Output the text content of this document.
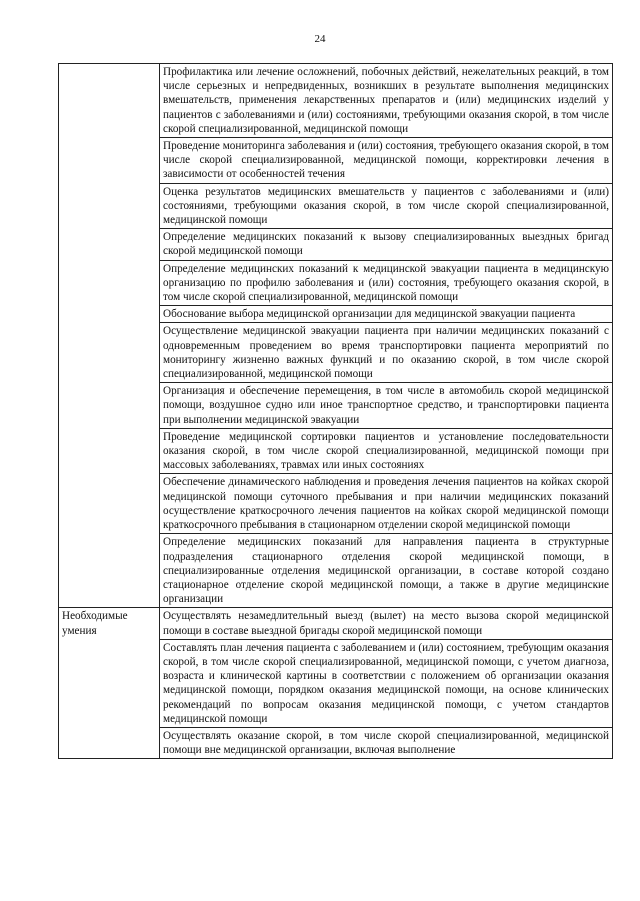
24
	Профилактика или лечение осложнений, побочных действий, нежелательных реакций, в том числе серьезных и непредвиденных, возникших в результате выполнения медицинских вмешательств, применения лекарственных препаратов и (или) медицинских изделий у пациентов с заболеваниями и (или) состояниями, требующими оказания скорой, в том числе скорой специализированной, медицинской помощи
	Проведение мониторинга заболевания и (или) состояния, требующего оказания скорой, в том числе скорой специализированной, медицинской помощи, корректировки лечения в зависимости от особенностей течения
	Оценка результатов медицинских вмешательств у пациентов с заболеваниями и (или) состояниями, требующими оказания скорой, в том числе скорой специализированной, медицинской помощи
	Определение медицинских показаний к вызову специализированных выездных бригад скорой медицинской помощи
	Определение медицинских показаний к медицинской эвакуации пациента в медицинскую организацию по профилю заболевания и (или) состояния, требующего оказания скорой, в том числе скорой специализированной, медицинской помощи
	Обоснование выбора медицинской организации для медицинской эвакуации пациента
	Осуществление медицинской эвакуации пациента при наличии медицинских показаний с одновременным проведением во время транспортировки пациента мероприятий по мониторингу жизненно важных функций и по оказанию скорой, в том числе скорой специализированной, медицинской помощи
	Организация и обеспечение перемещения, в том числе в автомобиль скорой медицинской помощи, воздушное судно или иное транспортное средство, и транспортировки пациента при выполнении медицинской эвакуации
	Проведение медицинской сортировки пациентов и установление последовательности оказания скорой, в том числе скорой специализированной, медицинской помощи при массовых заболеваниях, травмах или иных состояниях
	Обеспечение динамического наблюдения и проведения лечения пациентов на койках скорой медицинской помощи суточного пребывания и при наличии медицинских показаний осуществление краткосрочного лечения пациентов на койках скорой медицинской помощи краткосрочного пребывания в стационарном отделении скорой медицинской помощи
	Определение медицинских показаний для направления пациента в структурные подразделения стационарного отделения скорой медицинской помощи, в специализированные отделения медицинской организации, в составе которой создано стационарное отделение скорой медицинской помощи, а также в другие медицинские организации
Необходимые умения	Осуществлять незамедлительный выезд (вылет) на место вызова скорой медицинской помощи в составе выездной бригады скорой медицинской помощи
	Составлять план лечения пациента с заболеванием и (или) состоянием, требующим оказания скорой, в том числе скорой специализированной, медицинской помощи, с учетом диагноза, возраста и клинической картины в соответствии с положением об организации оказания медицинской помощи, порядком оказания медицинской помощи, на основе клинических рекомендаций по вопросам оказания медицинской помощи, с учетом стандартов медицинской помощи

	Осуществлять оказание скорой, в том числе скорой специализированной, медицинской помощи вне медицинской организации, включая выполнение
